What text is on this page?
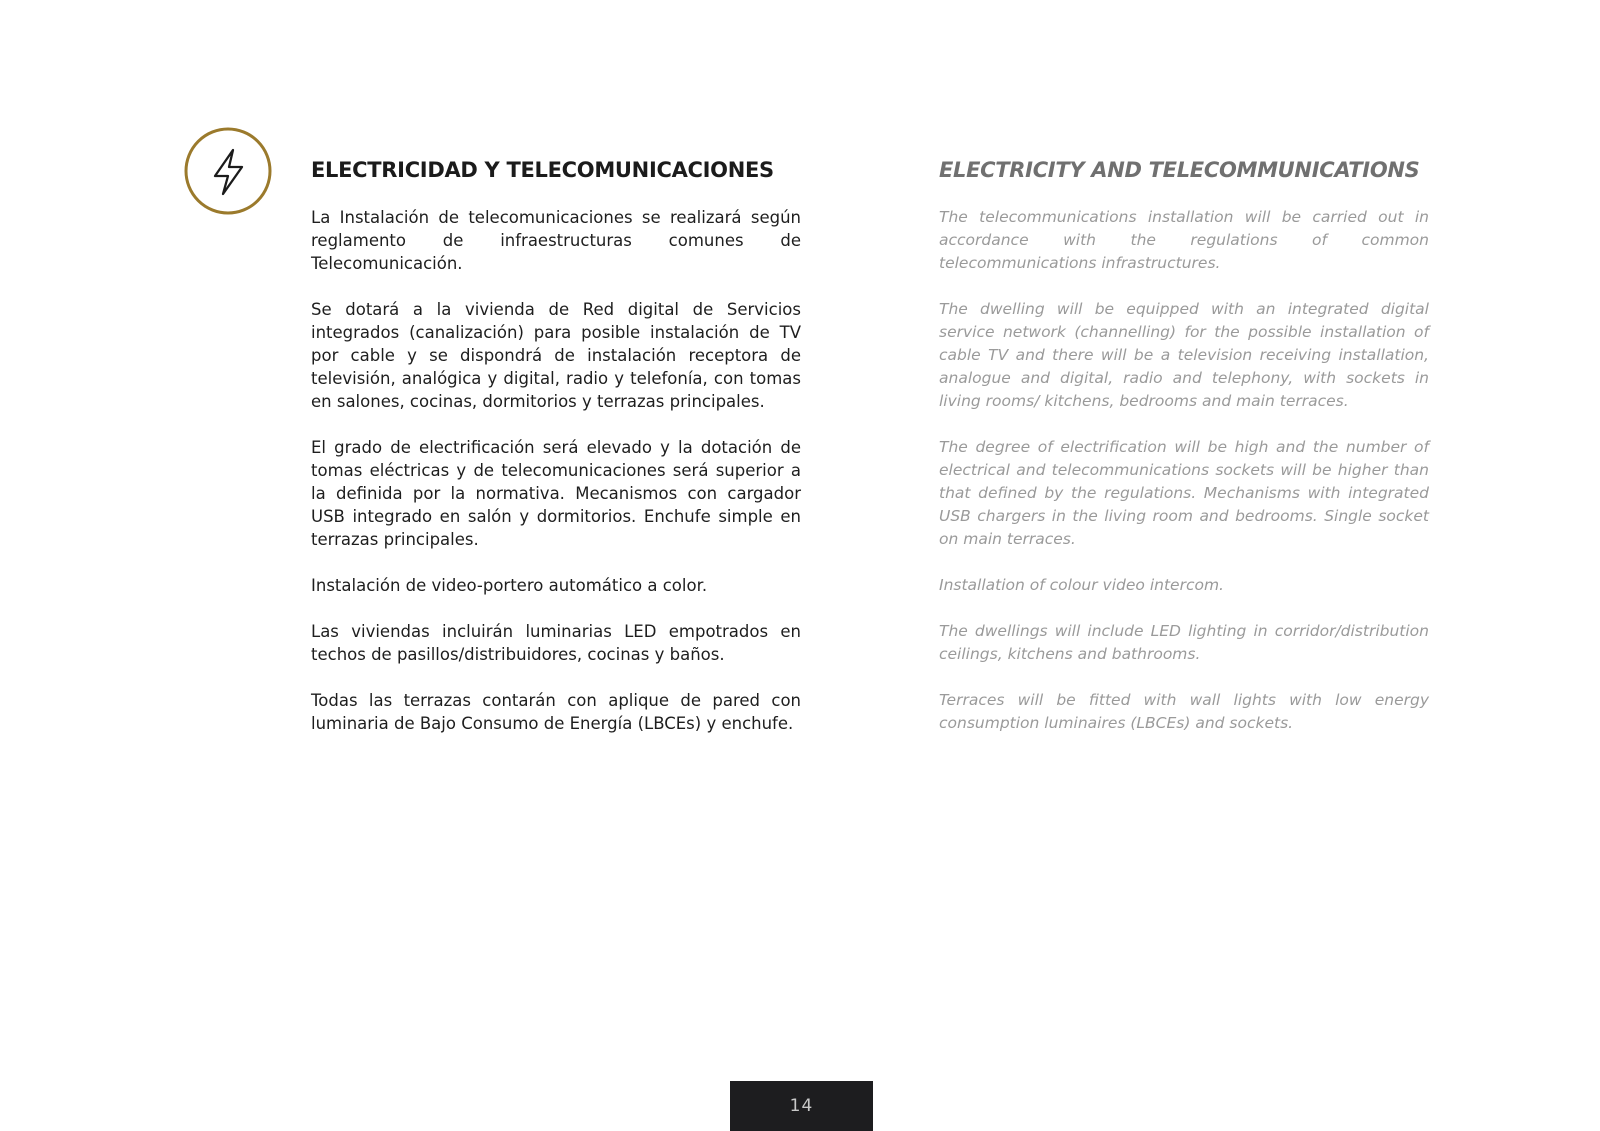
ELECTRICIDAD Y TELECOMUNICACIONES

La Instalación de telecomunicaciones se realizará según reglamento de infraestructuras comunes de Telecomunicación.

Se dotará a la vivienda de Red digital de Servicios integrados (canalización) para posible instalación de TV por cable y se dispondrá de instalación receptora de televisión, analógica y digital, radio y telefonía, con tomas en salones, cocinas, dormitorios y terrazas principales.

El grado de electrificación será elevado y la dotación de tomas eléctricas y de telecomunicaciones será superior a la definida por la normativa. Mecanismos con cargador USB integrado en salón y dormitorios. Enchufe simple en terrazas principales.

Instalación de video-portero automático a color.

Las viviendas incluirán luminarias LED empotrados en techos de pasillos/distribuidores, cocinas y baños.

Todas las terrazas contarán con aplique de pared con luminaria de Bajo Consumo de Energía (LBCEs) y enchufe.

ELECTRICITY AND TELECOMMUNICATIONS

The telecommunications installation will be carried out in accordance with the regulations of common telecommunications infrastructures.

The dwelling will be equipped with an integrated digital service network (channelling) for the possible installation of cable TV and there will be a television receiving installation, analogue and digital, radio and telephony, with sockets in living rooms/ kitchens, bedrooms and main terraces.

The degree of electrification will be high and the number of electrical and telecommunications sockets will be higher than that defined by the regulations. Mechanisms with integrated USB chargers in the living room and bedrooms. Single socket on main terraces.

Installation of colour video intercom.

The dwellings will include LED lighting in corridor/distribution ceilings, kitchens and bathrooms.

Terraces will be fitted with wall lights with low energy consumption luminaires (LBCEs) and sockets.

14
